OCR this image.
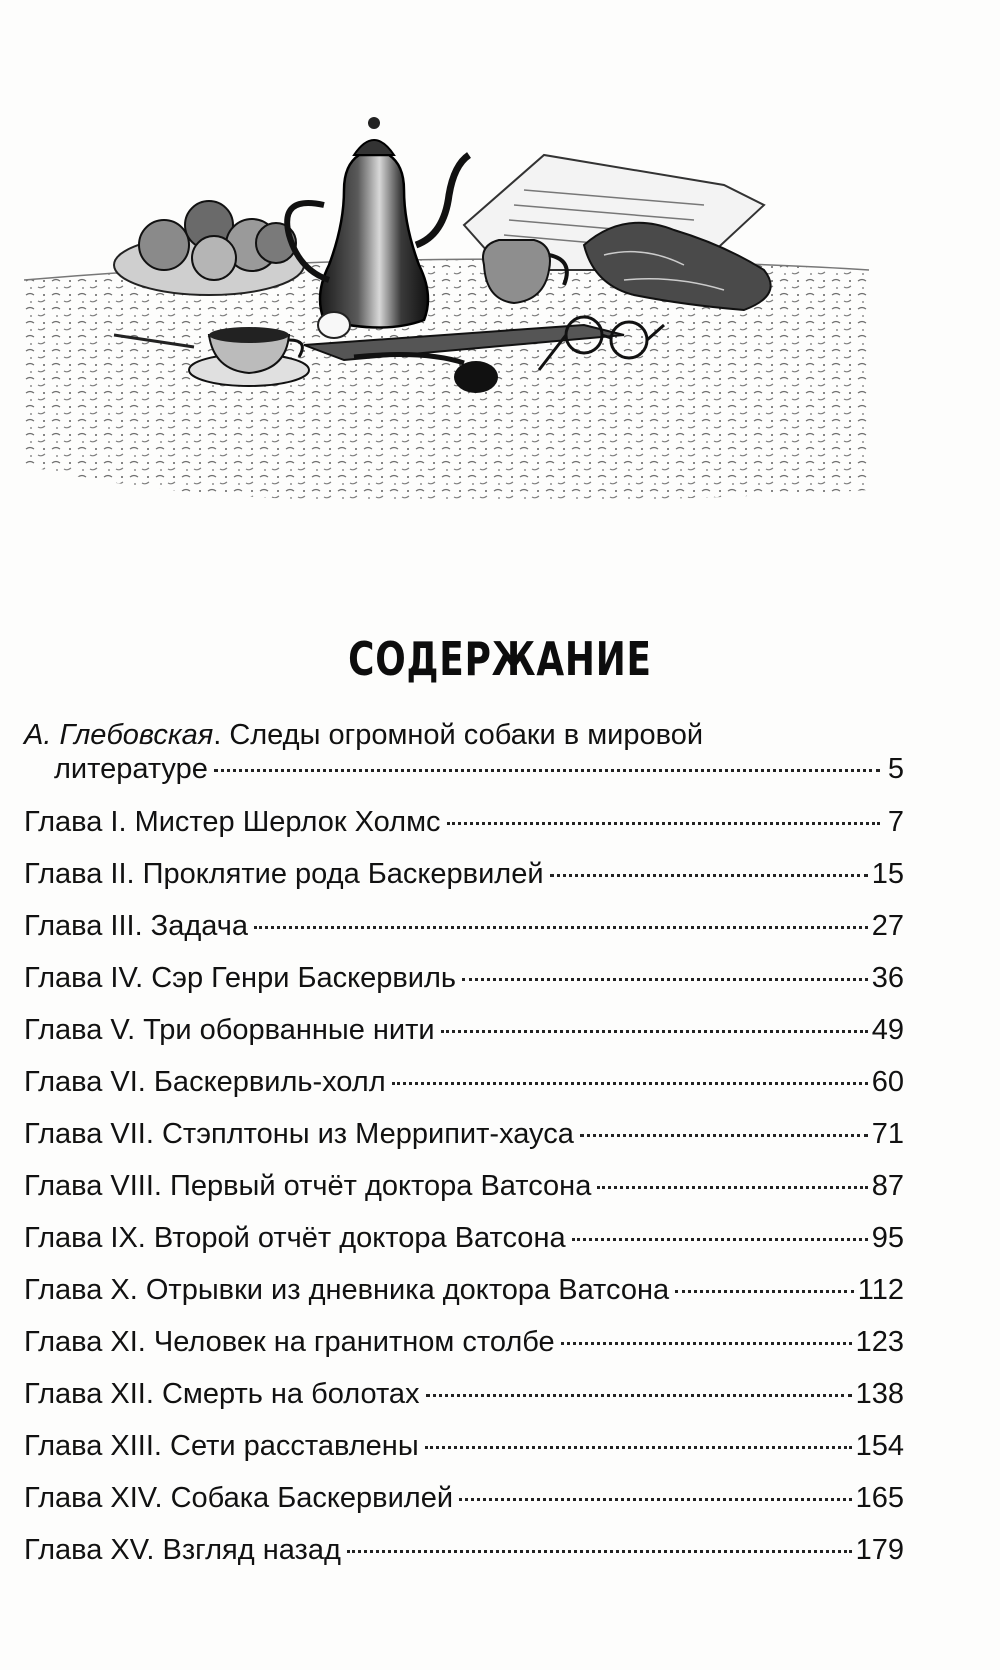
СОДЕРЖАНИЕ
А. Глебовская. Следы огромной собаки в мировой
литературе	5
Глава I. Мистер Шерлок Холмс	7
Глава II. Проклятие рода Баскервилей	15
Глава III. Задача	27
Глава IV. Сэр Генри Баскервиль	36
Глава V. Три оборванные нити	49
Глава VI. Баскервиль-холл	60
Глава VII. Стэплтоны из Меррипит-хауса	71
Глава VIII. Первый отчёт доктора Ватсона	87
Глава IX. Второй отчёт доктора Ватсона	95
Глава X. Отрывки из дневника доктора Ватсона	112
Глава XI. Человек на гранитном столбе	123
Глава XII. Смерть на болотах	138
Глава XIII. Сети расставлены	154
Глава XIV. Собака Баскервилей	165
Глава XV. Взгляд назад	179
